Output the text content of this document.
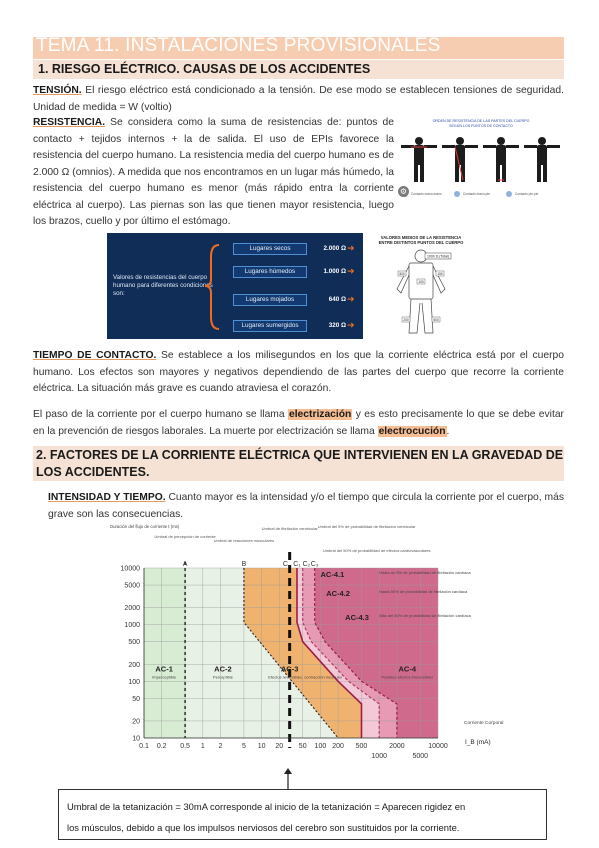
TEMA 11. INSTALACIONES PROVISIONALES
1. RIESGO ELÉCTRICO. CAUSAS DE LOS ACCIDENTES
TENSIÓN. El riesgo eléctrico está condicionado a la tensión. De ese modo se establecen tensiones de seguridad. Unidad de medida = W (voltio)
RESISTENCIA. Se considera como la suma de resistencias de: puntos de contacto + tejidos internos + la de salida. El uso de EPIs favorece la resistencia del cuerpo humano. La resistencia media del cuerpo humano es de 2.000 Ω (omnios). A medida que nos encontramos en un lugar más húmedo, la resistencia del cuerpo humano es menor (más rápido entra la corriente eléctrica al cuerpo). Las piernas son las que tienen mayor resistencia, luego los brazos, cuello y por último el estómago.
ORDEN DE RESISTENCIA DE LAS PARTES DEL CUERPO
SEGÚN LOS PUNTOS DE CONTACTO
Contacto mano-mano	Contacto mano-pie	Contacto pie-pie
⚙
Valores de resistencias del cuerpo humano para diferentes condiciones son:
Lugares secos	➜
2.000 Ω
Lugares húmedos	➜
1.000 Ω
Lugares mojados	➜
640 Ω
Lugares sumergidos	➜
320 Ω
VALORES MEDIOS DE LA RESISTENCIA
ENTRE DISTINTOS PUNTOS DEL CUERPO
1000 Ω (Total)
500
100
150
200	500
TIEMPO DE CONTACTO. Se establece a los milisegundos en los que la corriente eléctrica está por el cuerpo humano. Los efectos son mayores y negativos dependiendo de las partes del cuerpo que recorre la corriente eléctrica. La situación más grave es cuando atraviesa el corazón.
El paso de la corriente por el cuerpo humano se llama electrización y es esto precisamente lo que se debe evitar en la prevención de riesgos laborales. La muerte por electrización se llama electrocución.
2. FACTORES DE LA CORRIENTE ELÉCTRICA QUE INTERVIENEN EN LA GRAVEDAD DE LOS ACCIDENTES.
INTENSIDAD Y TIEMPO. Cuanto mayor es la intensidad y/o el tiempo que circula la corriente por el cuerpo, más grave son las consecuencias.
10
20
50
100
200
500
1000
2000
5000
10000
0.1 0.2 0.5 1 2	5 10 20 50 100 200 500
1000
2000
5000
10000
Duración del flujo de corriente t (ms)
Corriente Corporal
I_B (mA)
A	B	C C₁ C₂ C₃
Umbral de percepción de corriente
Umbral de reacciones musculares
Umbral de fibrilación ventricular Umbral del 5% de probabilidad de fibrilación ventricular
Umbral del 50% de probabilidad de efectos cardiovasculares
AC-1
Imperceptible
AC-2
Perceptible
AC-3
Efectos reversibles, contracción muscular
AC-4
Posibles efectos irreversibles
AC-4.1	Hasta un 5% de probabilidad de fibrilación cardíaca
AC-4.2	Hasta 50% de probabilidad de fibrilación cardíaca
AC-4.3	Más del 50% de probabilidad de fibrilación cardíaca
Umbral de la tetanización = 30mA corresponde al inicio de la tetanización = Aparecen rigidez en
los músculos, debido a que los impulsos nerviosos del cerebro son sustituidos por la corriente.
